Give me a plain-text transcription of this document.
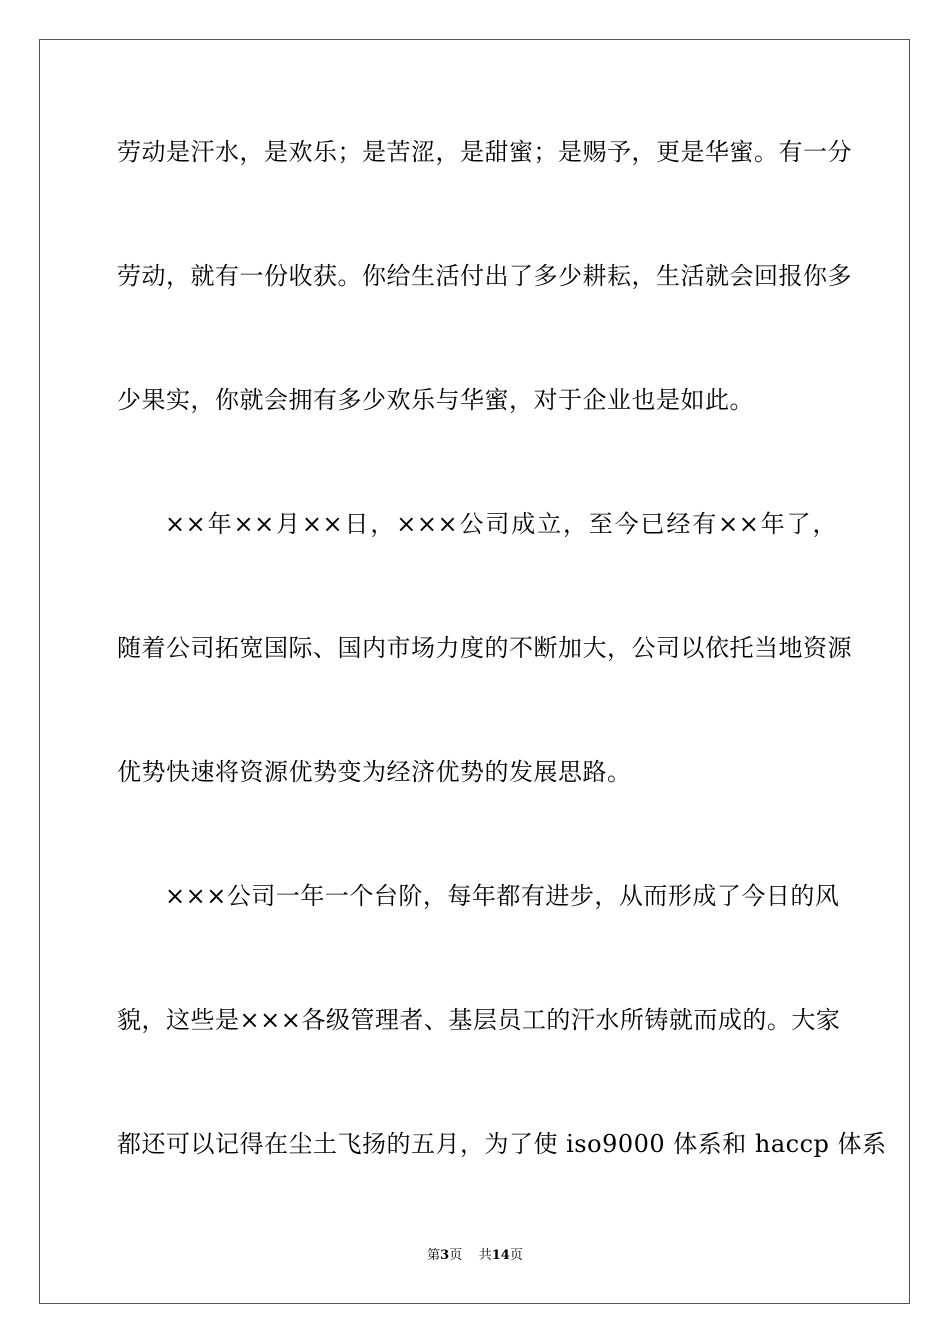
劳动是汗水，是欢乐；是苦涩，是甜蜜；是赐予，更是华蜜。有一分
劳动，就有一份收获。你给生活付出了多少耕耘，生活就会回报你多
少果实，你就会拥有多少欢乐与华蜜，对于企业也是如此。
××年××月××日，×××公司成立，至今已经有××年了，
随着公司拓宽国际、国内市场力度的不断加大，公司以依托当地资源
优势快速将资源优势变为经济优势的发展思路。
×××公司一年一个台阶，每年都有进步，从而形成了今日的风
貌，这些是×××各级管理者、基层员工的汗水所铸就而成的。大家
都还可以记得在尘土飞扬的五月，为了使 iso9000 体系和 haccp 体系
第3页 共14页
